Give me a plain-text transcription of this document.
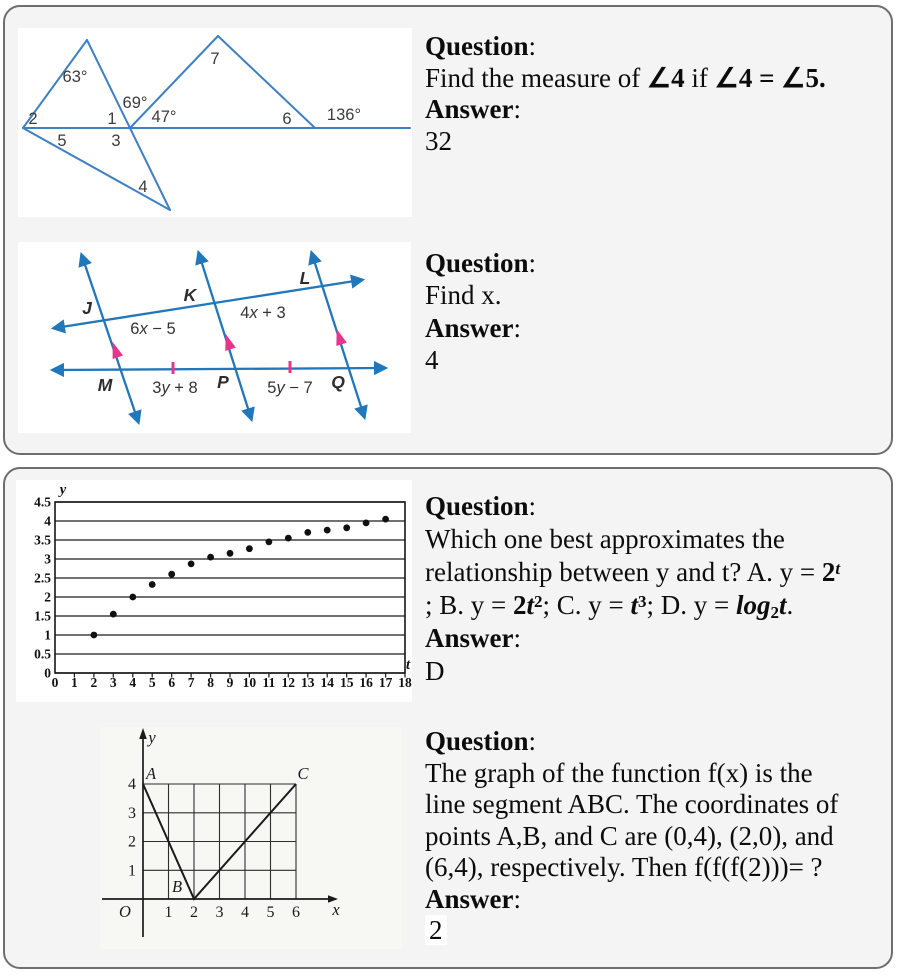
63°
69°
47°	136°
1
2
3
4
5
6
7	Question:
Find the measure of ∠4 if ∠4 = ∠5.
Answer:
32
J
K
L
M	P	Q
6x − 5
4x + 3
3y + 8	5y − 7
Question:
Find x.
Answer:
4
0
0.5
1
1.5
2
2.5
3
3.5
4
4.5
0 1 2 3 4 5 6 7 8 9 10 11 12 13 14 15 16 17 18
y
t
Question:
Which one best approximates the
relationship between y and t? A. $y = 2^t$
; B. $y = 2t^2$; C. $y = t^3$; D. $y = \log_2t$.
Answer:
D
1
2
3
4
1 2 3 4 5 6
y
x
O
A
B
C
Question:
The graph of the function f(x) is the
line segment ABC. The coordinates of
points A,B, and C are (0,4), (2,0), and
(6,4), respectively. Then f(f(f(2)))= ?
Answer:
2
